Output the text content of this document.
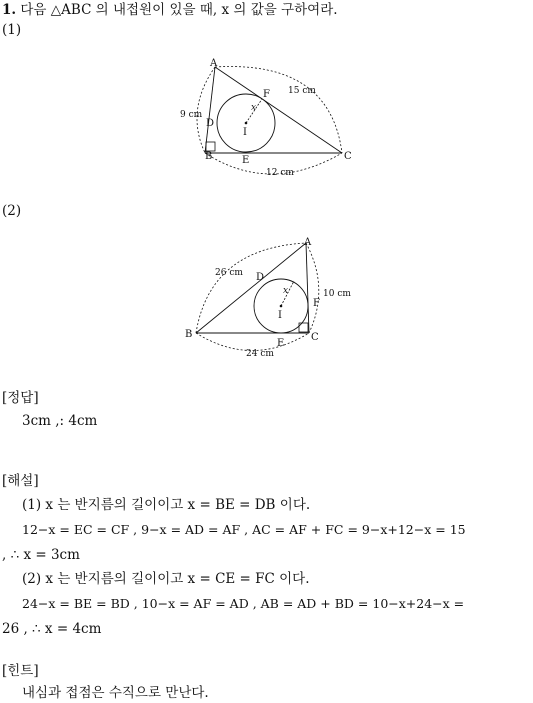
1. 다음 △ABC 의 내접원이 있을 때, x 의 값을 구하여라.
(1)
A
B	C
D
E
F
I
x
9 cm
15 cm
12 cm
(2)
A
B	C
D
E
F
I
x
26 cm
10 cm
24 cm
[정답]
3cm ,: 4cm
[해설]
(1) x 는 반지름의 길이이고 x = BE = DB 이다.
12−x = EC = CF , 9−x = AD = AF , AC = AF + FC = 9−x+12−x = 15
, ∴ x = 3cm
(2) x 는 반지름의 길이이고 x = CE = FC 이다.
24−x = BE = BD , 10−x = AF = AD , AB = AD + BD = 10−x+24−x =
26 , ∴ x = 4cm
[힌트]
내심과 접점은 수직으로 만난다.
